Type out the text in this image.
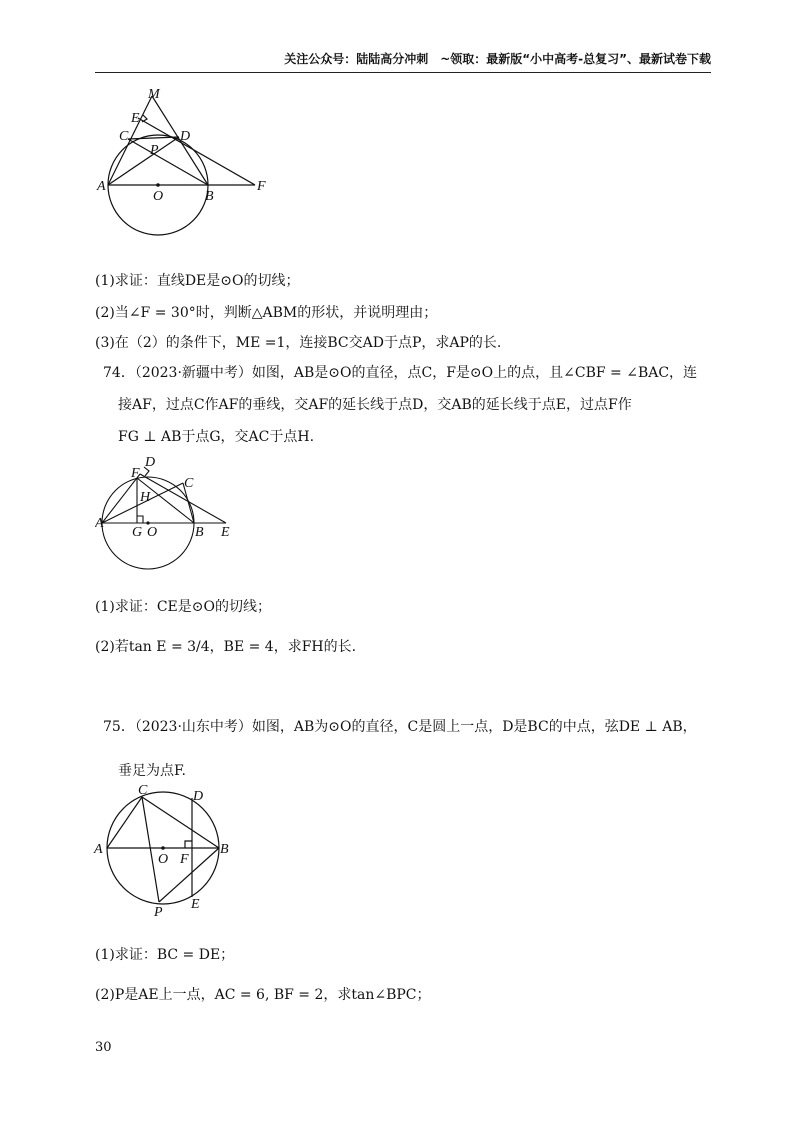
关注公众号：陆陆高分冲刺　~领取：最新版“小中高考-总复习”、最新试卷下载
M
E
C	D
P
A
O	B
F
(1)求证：直线DE是⊙O的切线；
(2)当∠F = 30°时，判断△ABM的形状，并说明理由；
(3)在（2）的条件下，ME =1，连接BC交AD于点P，求AP的长.
74．（2023·新疆中考）如图，AB是⊙O的直径，点C，F是⊙O上的点，且∠CBF = ∠BAC，连
接AF，过点C作AF的垂线，交AF的延长线于点D，交AB的延长线于点E，过点F作
FG ⊥ AB于点G，交AC于点H.
D
F
C
H
A
G O	B E
(1)求证：CE是⊙O的切线；
(2)若tan E = 3/4，BE = 4，求FH的长.
75．（2023·山东中考）如图，AB为⊙O的直径，C是圆上一点，D是BC的中点，弦DE ⊥ AB，
垂足为点F.
C	D
A
O F
B
P
E
(1)求证：BC = DE；
(2)P是AE上一点，AC = 6, BF = 2，求tan∠BPC；
30
